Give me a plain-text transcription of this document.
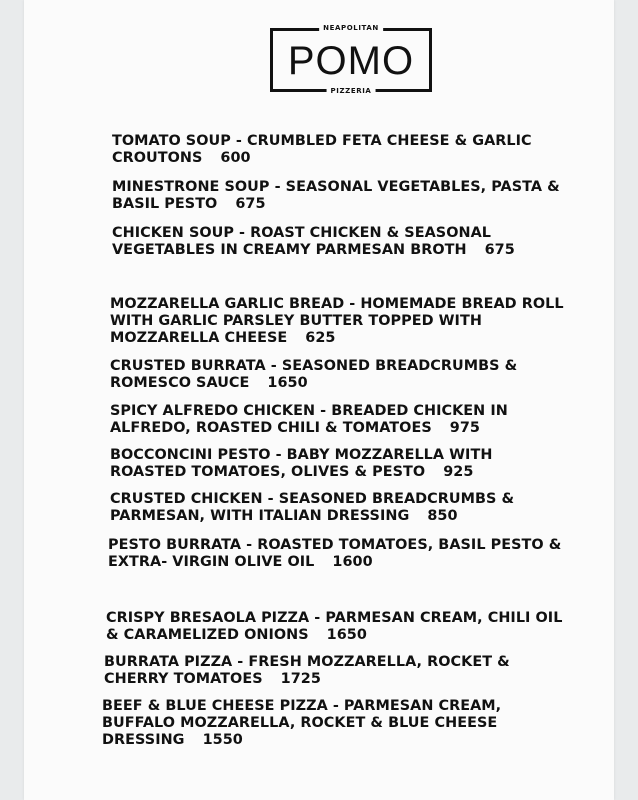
NEAPOLITAN
POMO
PIZZERIA
TOMATO SOUP - CRUMBLED FETA CHEESE & GARLIC
CROUTONS 600
MINESTRONE SOUP - SEASONAL VEGETABLES, PASTA &
BASIL PESTO 675
CHICKEN SOUP - ROAST CHICKEN & SEASONAL
VEGETABLES IN CREAMY PARMESAN BROTH 675
MOZZARELLA GARLIC BREAD - HOMEMADE BREAD ROLL
WITH GARLIC PARSLEY BUTTER TOPPED WITH
MOZZARELLA CHEESE 625
CRUSTED BURRATA - SEASONED BREADCRUMBS &
ROMESCO SAUCE 1650
SPICY ALFREDO CHICKEN - BREADED CHICKEN IN
ALFREDO, ROASTED CHILI & TOMATOES 975
BOCCONCINI PESTO - BABY MOZZARELLA WITH
ROASTED TOMATOES, OLIVES & PESTO 925
CRUSTED CHICKEN - SEASONED BREADCRUMBS &
PARMESAN, WITH ITALIAN DRESSING 850
PESTO BURRATA - ROASTED TOMATOES, BASIL PESTO &
EXTRA- VIRGIN OLIVE OIL 1600
CRISPY BRESAOLA PIZZA - PARMESAN CREAM, CHILI OIL
& CARAMELIZED ONIONS 1650
BURRATA PIZZA - FRESH MOZZARELLA, ROCKET &
CHERRY TOMATOES 1725
BEEF & BLUE CHEESE PIZZA - PARMESAN CREAM,
BUFFALO MOZZARELLA, ROCKET & BLUE CHEESE
DRESSING 1550
